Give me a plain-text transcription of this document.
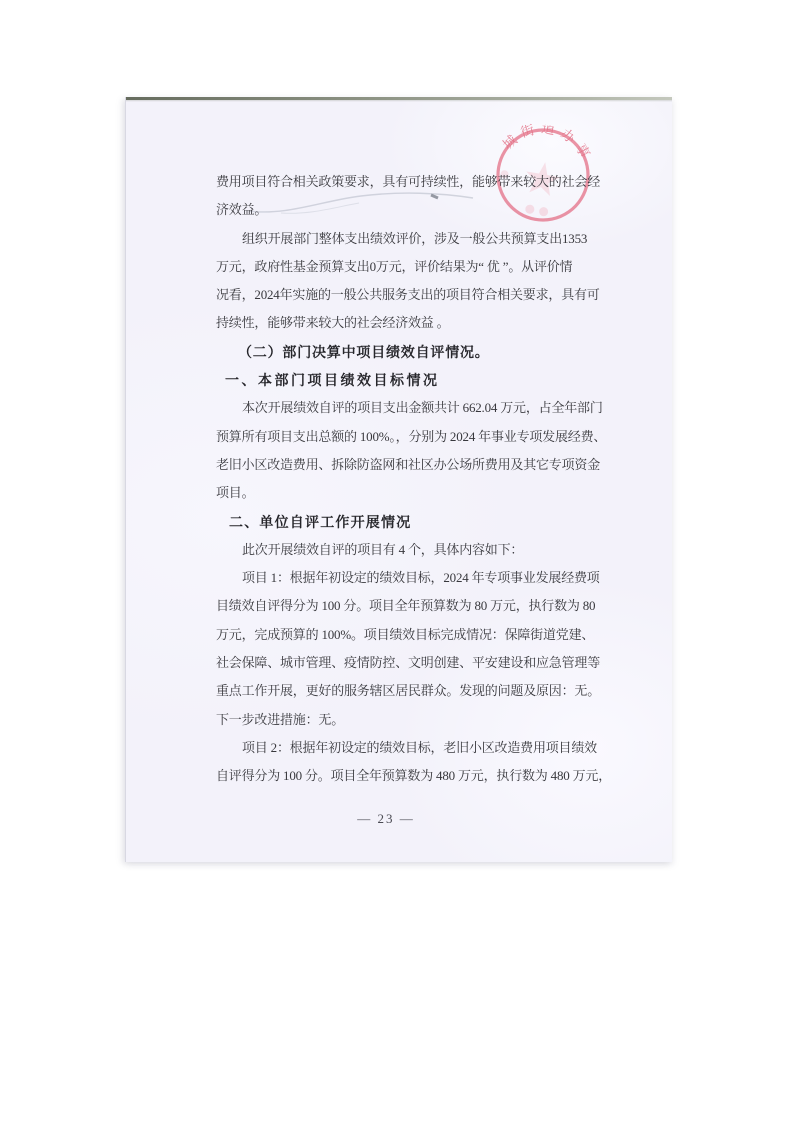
城街道办事
费用项目符合相关政策要求，具有可持续性，能够带来较大的社会经
济效益。
组织开展部门整体支出绩效评价，涉及一般公共预算支出1353
万元，政府性基金预算支出0万元，评价结果为“ 优 ”。从评价情
况看，2024年实施的一般公共服务支出的项目符合相关要求，具有可
持续性，能够带来较大的社会经济效益 。
（二）部门决算中项目绩效自评情况。
一、本部门项目绩效目标情况
本次开展绩效自评的项目支出金额共计 662.04 万元，占全年部门
预算所有项目支出总额的 100%。，分别为 2024 年事业专项发展经费、
老旧小区改造费用、拆除防盗网和社区办公场所费用及其它专项资金
项目。
二、单位自评工作开展情况
此次开展绩效自评的项目有 4 个，具体内容如下：
项目 1：根据年初设定的绩效目标，2024 年专项事业发展经费项
目绩效自评得分为 100 分。项目全年预算数为 80 万元，执行数为 80
万元，完成预算的 100%。项目绩效目标完成情况：保障街道党建、
社会保障、城市管理、疫情防控、文明创建、平安建设和应急管理等
重点工作开展，更好的服务辖区居民群众。发现的问题及原因：无。
下一步改进措施：无。
项目 2：根据年初设定的绩效目标，老旧小区改造费用项目绩效
自评得分为 100 分。项目全年预算数为 480 万元，执行数为 480 万元，
— 23 —
